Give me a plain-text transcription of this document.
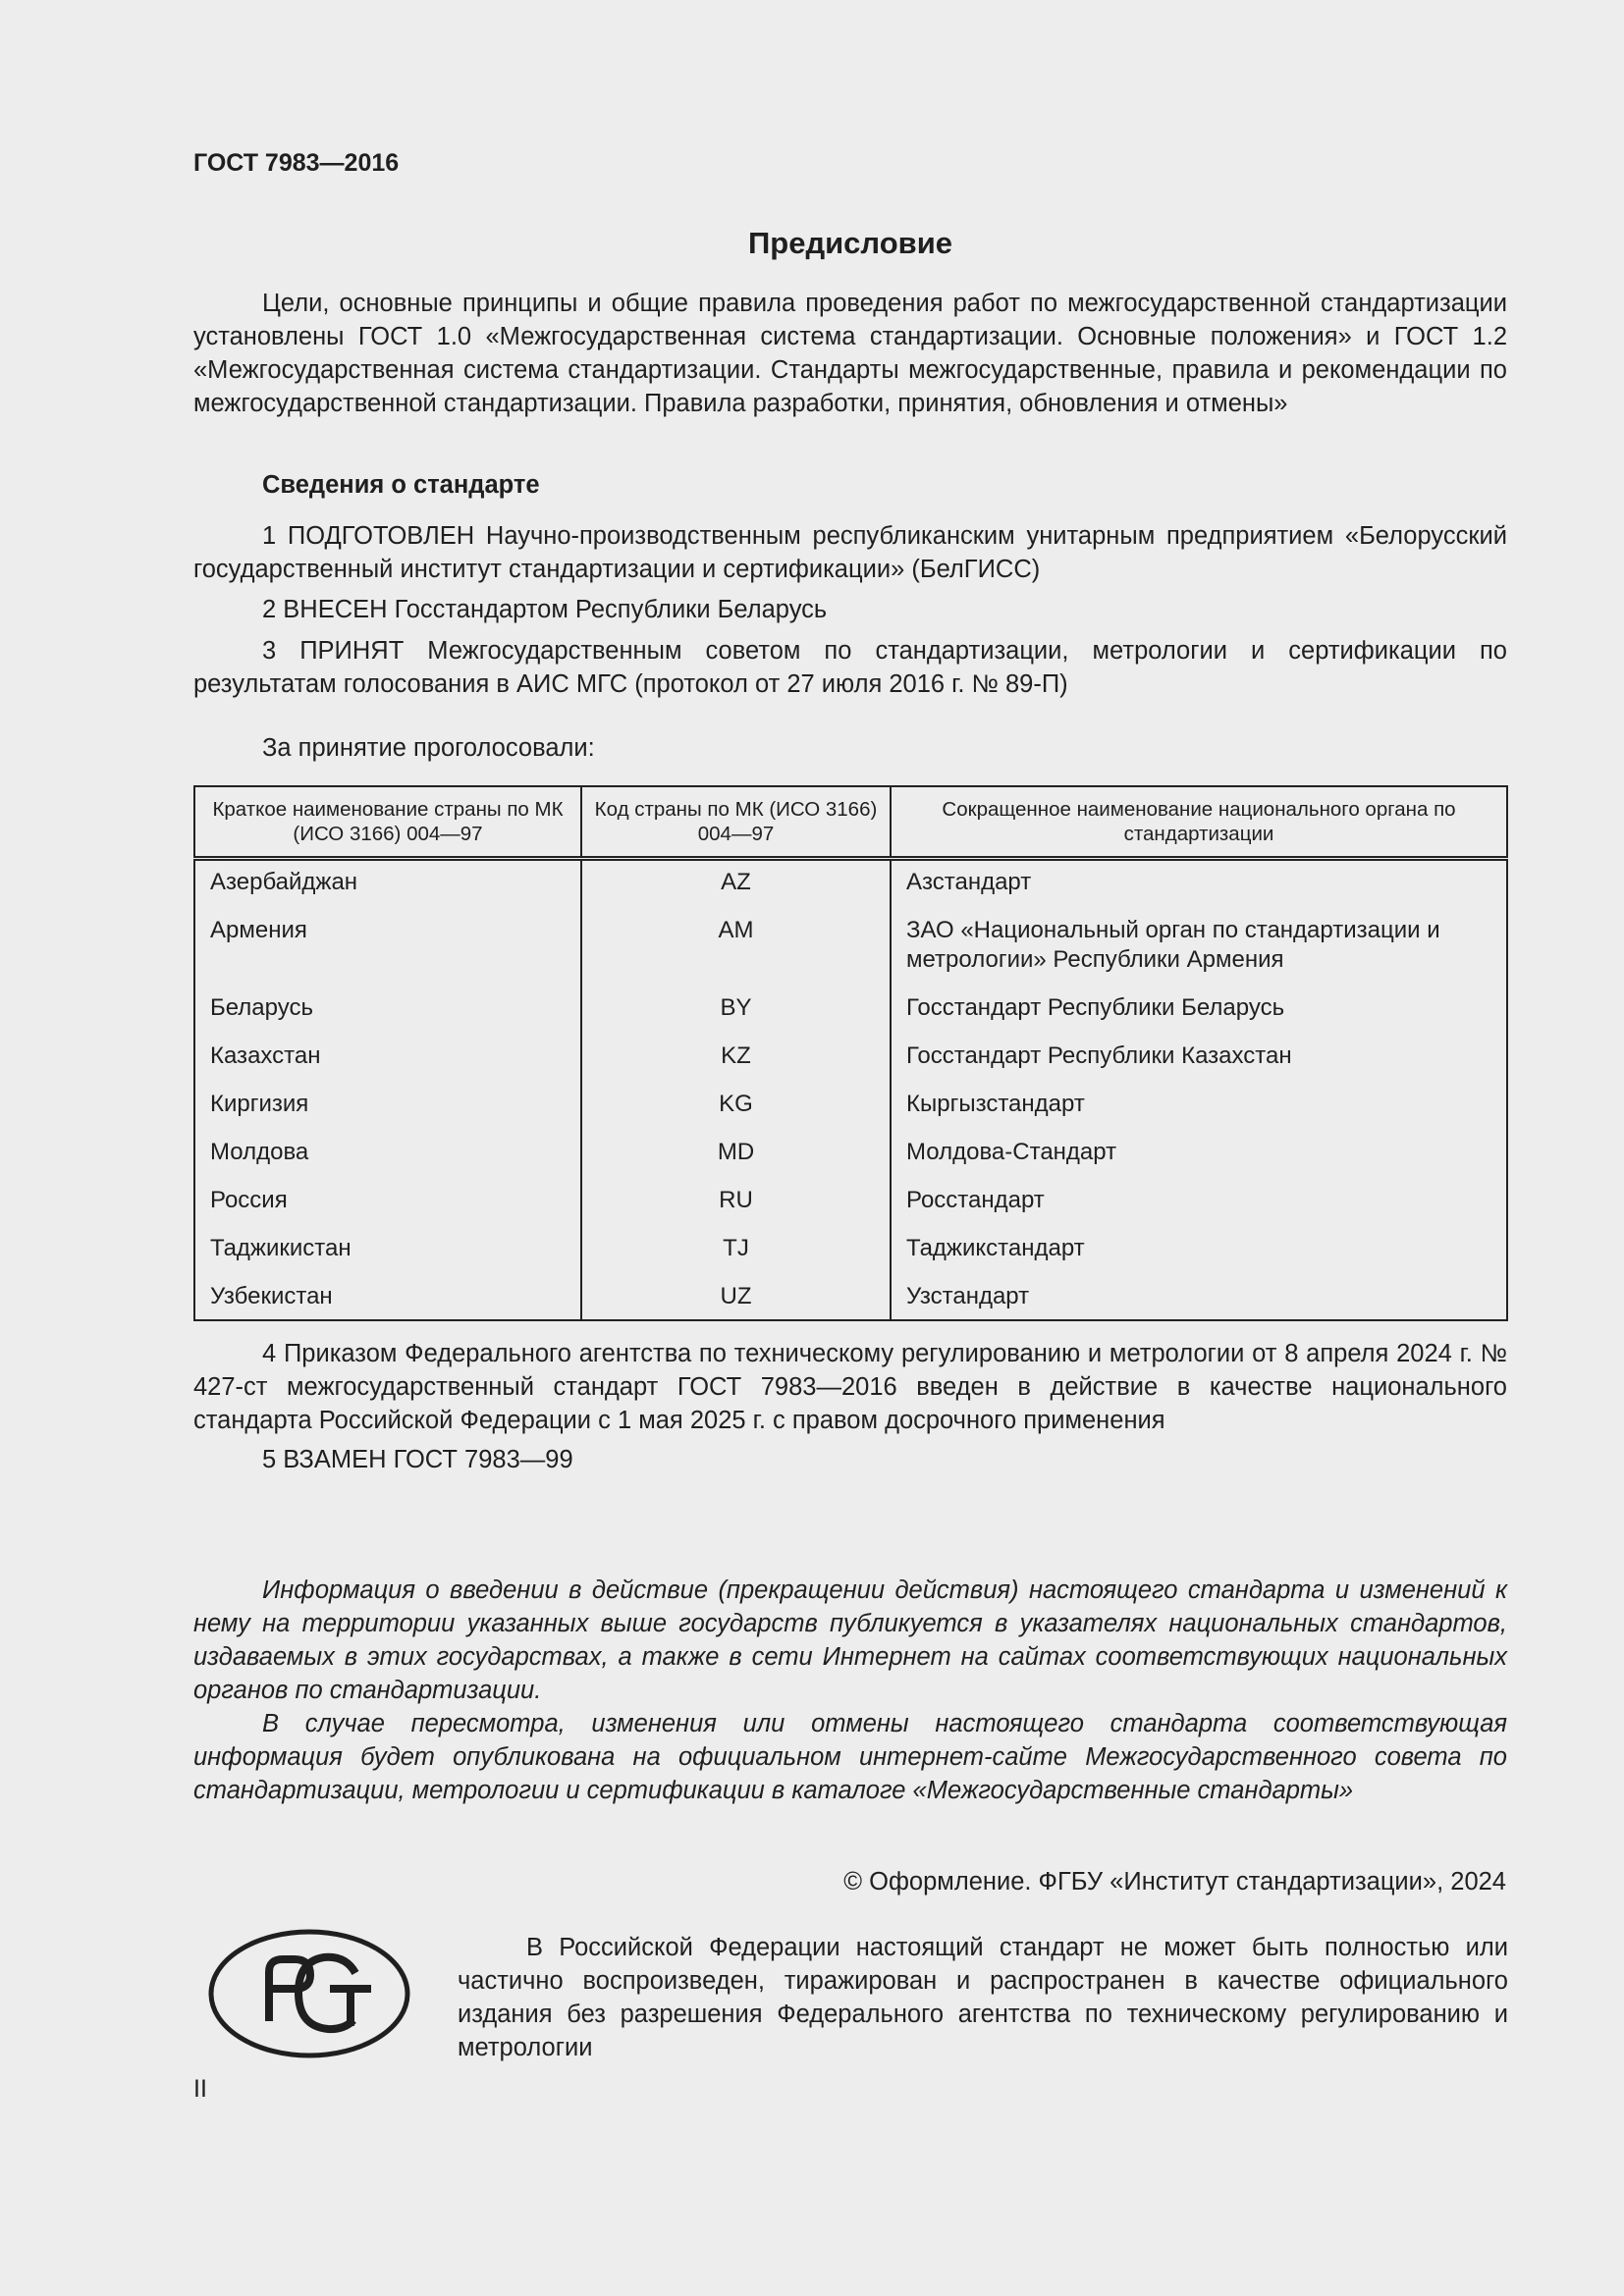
ГОСТ 7983—2016
Предисловие

Цели, основные принципы и общие правила проведения работ по межгосударственной стандартизации установлены ГОСТ 1.0 «Межгосударственная система стандартизации. Основные положения» и ГОСТ 1.2 «Межгосударственная система стандартизации. Стандарты межгосударственные, правила и рекомендации по межгосударственной стандартизации. Правила разработки, принятия, обновления и отмены»

Сведения о стандарте

1 ПОДГОТОВЛЕН Научно-производственным республиканским унитарным предприятием «Белорусский государственный институт стандартизации и сертификации» (БелГИСС)

2 ВНЕСЕН Госстандартом Республики Беларусь

3 ПРИНЯТ Межгосударственным советом по стандартизации, метрологии и сертификации по результатам голосования в АИС МГС (протокол от 27 июля 2016 г. № 89-П)

За принятие проголосовали:
Краткое наименование страны по МК (ИСО 3166) 004—97	Код страны по МК (ИСО 3166) 004—97	Сокращенное наименование национального органа по стандартизации
Азербайджан	AZ	Азстандарт
Армения	AM	ЗАО «Национальный орган по стандартизации и метрологии» Республики Армения
Беларусь	BY	Госстандарт Республики Беларусь
Казахстан	KZ	Госстандарт Республики Казахстан
Киргизия	KG	Кыргызстандарт
Молдова	MD	Молдова-Стандарт
Россия	RU	Росстандарт
Таджикистан	TJ	Таджикстандарт
Узбекистан	UZ	Узстандарт

4 Приказом Федерального агентства по техническому регулированию и метрологии от 8 апреля 2024 г. № 427-ст межгосударственный стандарт ГОСТ 7983—2016 введен в действие в качестве национального стандарта Российской Федерации с 1 мая 2025 г. с правом досрочного применения

5 ВЗАМЕН ГОСТ 7983—99

Информация о введении в действие (прекращении действия) настоящего стандарта и изменений к нему на территории указанных выше государств публикуется в указателях национальных стандартов, издаваемых в этих государствах, а также в сети Интернет на сайтах соответствующих национальных органов по стандартизации.

В случае пересмотра, изменения или отмены настоящего стандарта соответствующая информация будет опубликована на официальном интернет-сайте Межгосударственного совета по стандартизации, метрологии и сертификации в каталоге «Межгосударственные стандарты»

© Оформление. ФГБУ «Институт стандартизации», 2024

В Российской Федерации настоящий стандарт не может быть полностью или частично воспроизведен, тиражирован и распространен в качестве официального издания без разрешения Федерального агентства по техническому регулированию и метрологии

II
